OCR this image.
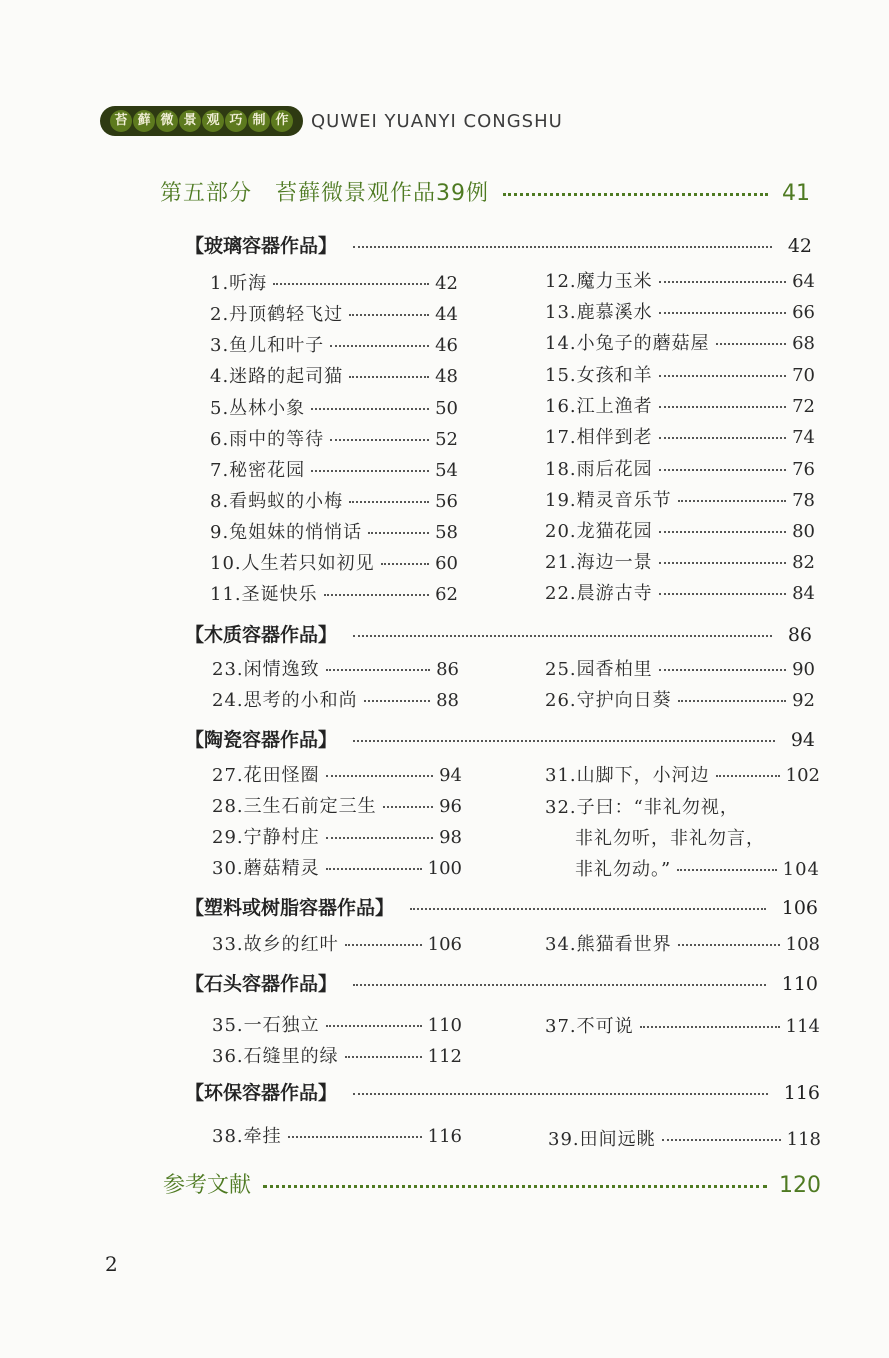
苔 藓 微 景 观 巧 制 作 QUWEI YUANYI CONGSHU
第五部分　苔藓微景观作品39例	41
【玻璃容器作品】	42
1.听海	42
2.丹顶鹤轻飞过	44
3.鱼儿和叶子	46
4.迷路的起司猫	48
5.丛林小象	50
6.雨中的等待	52
7.秘密花园	54
8.看蚂蚁的小梅	56
9.兔姐妹的悄悄话	58
10.人生若只如初见	60
11.圣诞快乐	62
12.魔力玉米	64
13.鹿慕溪水	66
14.小兔子的蘑菇屋	68
15.女孩和羊	70
16.江上渔者	72
17.相伴到老	74
18.雨后花园	76
19.精灵音乐节	78
20.龙猫花园	80
21.海边一景	82
22.晨游古寺	84
【木质容器作品】	86
23.闲情逸致	86
24.思考的小和尚	88
25.园香柏里	90
26.守护向日葵	92
【陶瓷容器作品】	94
27.花田怪圈	94
28.三生石前定三生	96
29.宁静村庄	98
30.蘑菇精灵	100
31.山脚下，小河边	102
32.子曰：“非礼勿视，
非礼勿听，非礼勿言，
非礼勿动。”	104
【塑料或树脂容器作品】	106
33.故乡的红叶	106	34.熊猫看世界	108
【石头容器作品】	110
35.一石独立	110
36.石缝里的绿	112
37.不可说	114
【环保容器作品】	116
38.牵挂	116	39.田间远眺	118
参考文献	120
2
